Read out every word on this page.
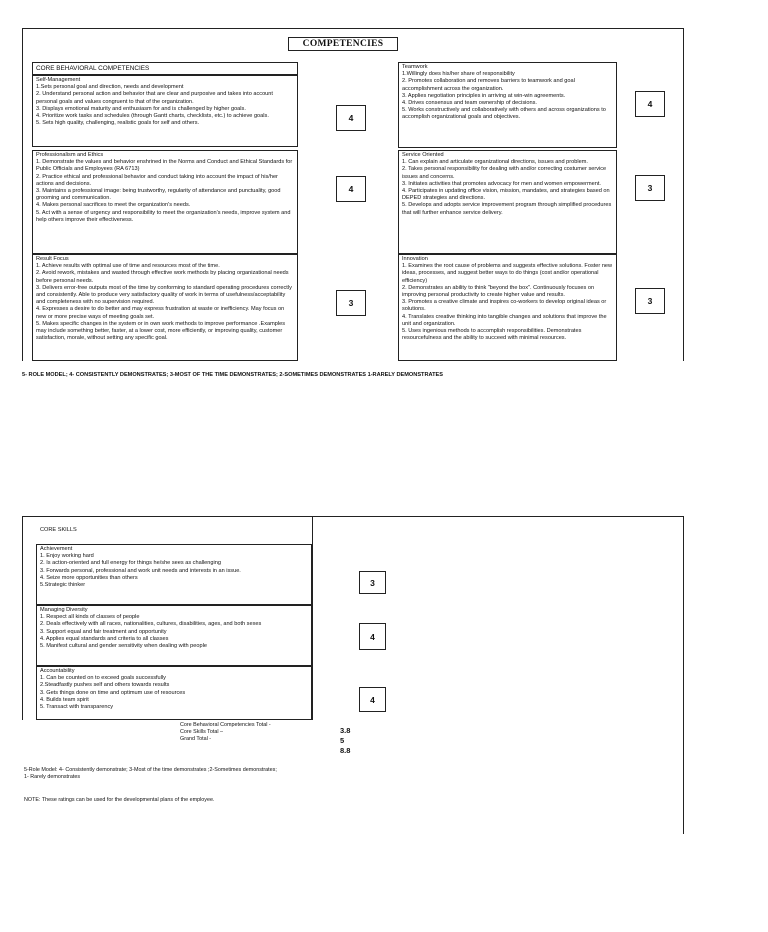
COMPETENCIES
CORE BEHAVIORAL COMPETENCIES
Self-Management
1.Sets personal goal and direction, needs and development
2. Understand personal action and behavior that are clear and purposive and takes into account personal goals and values congruent to that of the organization.
3. Displays emotional maturity and enthusiasm for and is challenged by higher goals.
4. Prioritize work tasks and schedules (through Gantt charts, checklists, etc.) to achieve goals.
5. Sets high quality, challenging, realistic goals for self and others.
Professionalism and Ethics
1. Demonstrate the values and behavior enshrined in the Norms and Conduct and Ethical Standards for Public Officials and Employees (RA 6713)
2. Practice ethical and professional behavior and conduct taking into account the impact of his/her actions and decisions.
3. Maintains a professional image: being trustworthy, regularity of attendance and punctuality, good grooming and communication.
4. Makes personal sacrifices to meet the organization's needs.
5. Act with a sense of urgency and responsibility to meet the organization's needs, improve system and help others improve their effectiveness.
Result Focus
1. Achieve results with optimal use of time and resources most of the time.
2. Avoid rework, mistakes and wasted through effective work methods by placing organizational needs before personal needs.
3. Delivers error-free outputs most of the time by conforming to standard operating procedures correctly and consistently. Able to produce very satisfactory quality of work in terms of usefulness/acceptability and completeness with no supervision required.
4. Expresses a desire to do better and may express frustration at waste or inefficiency. May focus on new or more precise ways of meeting goals set.
5. Makes specific changes in the system or in own work methods to improve performance .Examples may include something better, faster, at a lower cost, more efficiently, or improving quality, customer satisfaction, morale, without setting any specific goal.
4
4
3
Teamwork
1.Willingly does his/her share of responsibility
2. Promotes collaboration and removes barriers to teamwork and goal accomplishment across the organization.
3. Applies negotiation principles in arriving at win-win agreements.
4. Drives consensus and team ownership of decisions.
5. Works constructively and collaboratively with others and across organizations to accomplish organizational goals and objectives.
Service Oriented
1. Can explain and articulate organizational directions, issues and problem.
2. Takes personal responsibility for dealing with and/or correcting costumer service issues and concerns.
3. Initiates activities that promotes advocacy for men and women empowerment.
4. Participates in updating office vision, mission, mandates, and strategies based on DEPED strategies and directions.
5. Develops and adopts service improvement program through simplified procedures that will further enhance service delivery.
Innovation
1. Examines the root cause of problems and suggests effective solutions. Foster new ideas, processes, and suggest better ways to do things (cost and/or operational efficiency)
2. Demonstrates an ability to think "beyond the box". Continuously focuses on improving personal productivity to create higher value and results.
3. Promotes a creative climate and inspires co-workers to develop original ideas or solutions.
4. Translates creative thinking into tangible changes and solutions that improve the unit and organization.
5. Uses ingenious methods to accomplish responsibilities. Demonstrates resourcefulness and the ability to succeed with minimal resources.
4
3
3
5- ROLE MODEL; 4- CONSISTENTLY DEMONSTRATES; 3-MOST OF THE TIME DEMONSTRATES; 2-SOMETIMES DEMONSTRATES 1-RARELY DEMONSTRATES
CORE SKILLS
Achievement
1. Enjoy working hard
2. Is action-oriented and full energy for things he/she sees as challenging
3. Forwards personal, professional and work unit needs and interests in an issue.
4. Seize more opportunities than others
5.Strategic thinker
Managing Diversity
1. Respect all kinds of classes of people
2. Deals effectively with all races, nationalities, cultures, disabilities, ages, and both sexes
3. Support equal and fair treatment and opportunity
4. Applies equal standards and criteria to all classes
5. Manifest cultural and gender sensitivity when dealing with people
Accountability
1. Can be counted on to exceed goals successfully
2.Steadfastly pushes self and others towards results
3. Gets things done on time and optimum use of resources
4. Builds team spirit
5. Transact with transparency
3
4
4
Core Behavioral Competencies Total -
Core Skills Total –
Grand Total -
3.8
5
8.8
5-Role Model: 4- Consistently demonstrate; 3-Most of the time demonstrates ;2-Sometimes demonstrates;
1- Rarely demonstrates
NOTE: These ratings can be used for the developmental plans of the employee.
